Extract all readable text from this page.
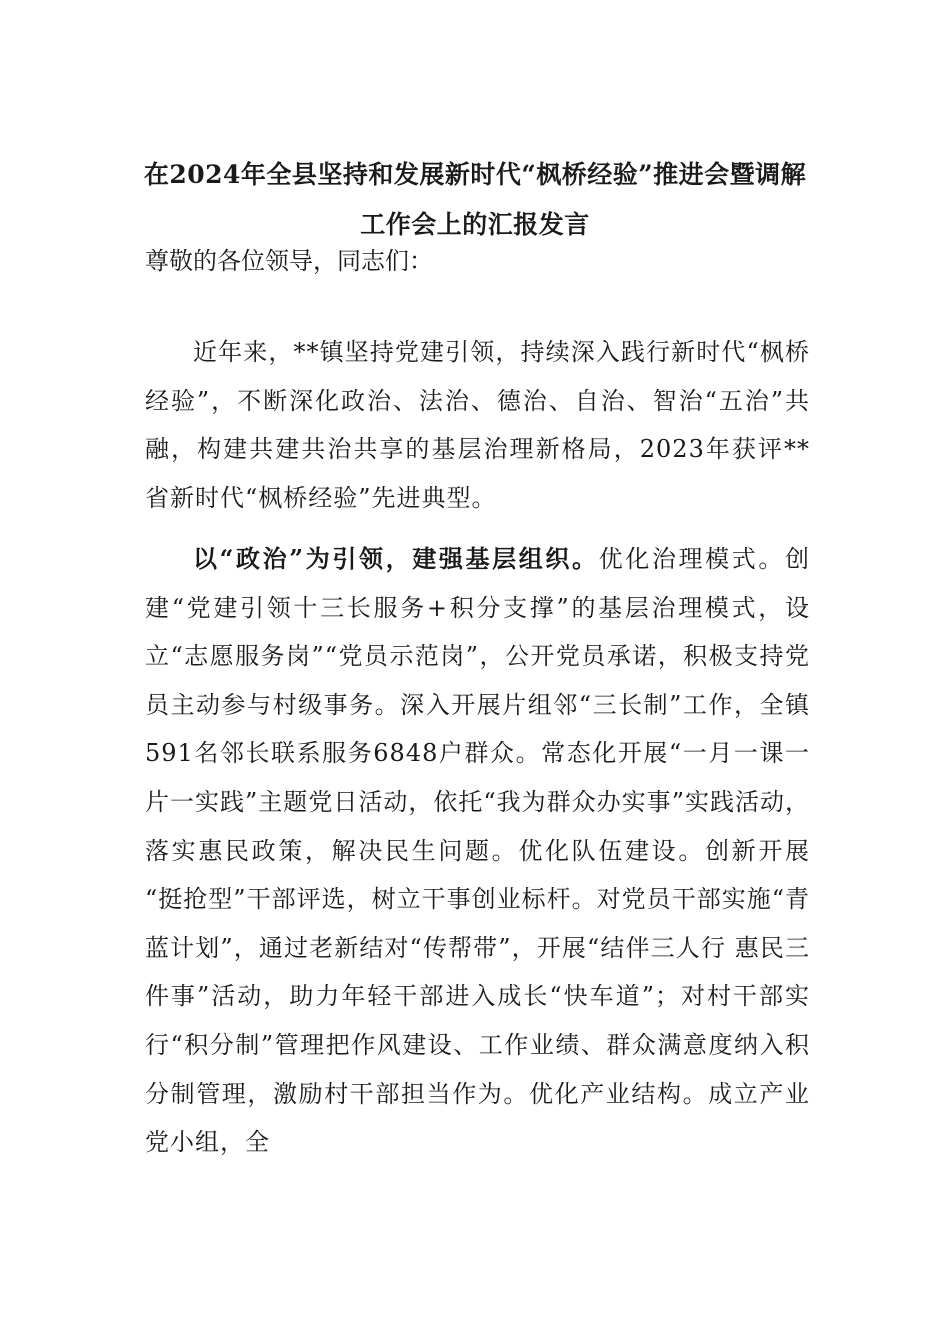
在2024年全县坚持和发展新时代“枫桥经验”推进会暨调解工作会上的汇报发言
尊敬的各位领导，同志们：
近年来，**镇坚持党建引领，持续深入践行新时代“枫桥经验”，不断深化政治、法治、德治、自治、智治“五治”共融，构建共建共治共享的基层治理新格局，2023年获评**省新时代“枫桥经验”先进典型。
以“政治”为引领，建强基层组织。优化治理模式。创建“党建引领十三长服务+积分支撑”的基层治理模式，设立“志愿服务岗”“党员示范岗”，公开党员承诺，积极支持党员主动参与村级事务。深入开展片组邻“三长制”工作，全镇591名邻长联系服务6848户群众。常态化开展“一月一课一片一实践”主题党日活动，依托“我为群众办实事”实践活动，落实惠民政策，解决民生问题。优化队伍建设。创新开展 “挺抢型”干部评选，树立干事创业标杆。对党员干部实施“青蓝计划”，通过老新结对“传帮带”，开展“结伴三人行 惠民三件事”活动，助力年轻干部进入成长“快车道”；对村干部实行“积分制”管理把作风建设、工作业绩、群众满意度纳入积分制管理，激励村干部担当作为。优化产业结构。成立产业党小组，全
